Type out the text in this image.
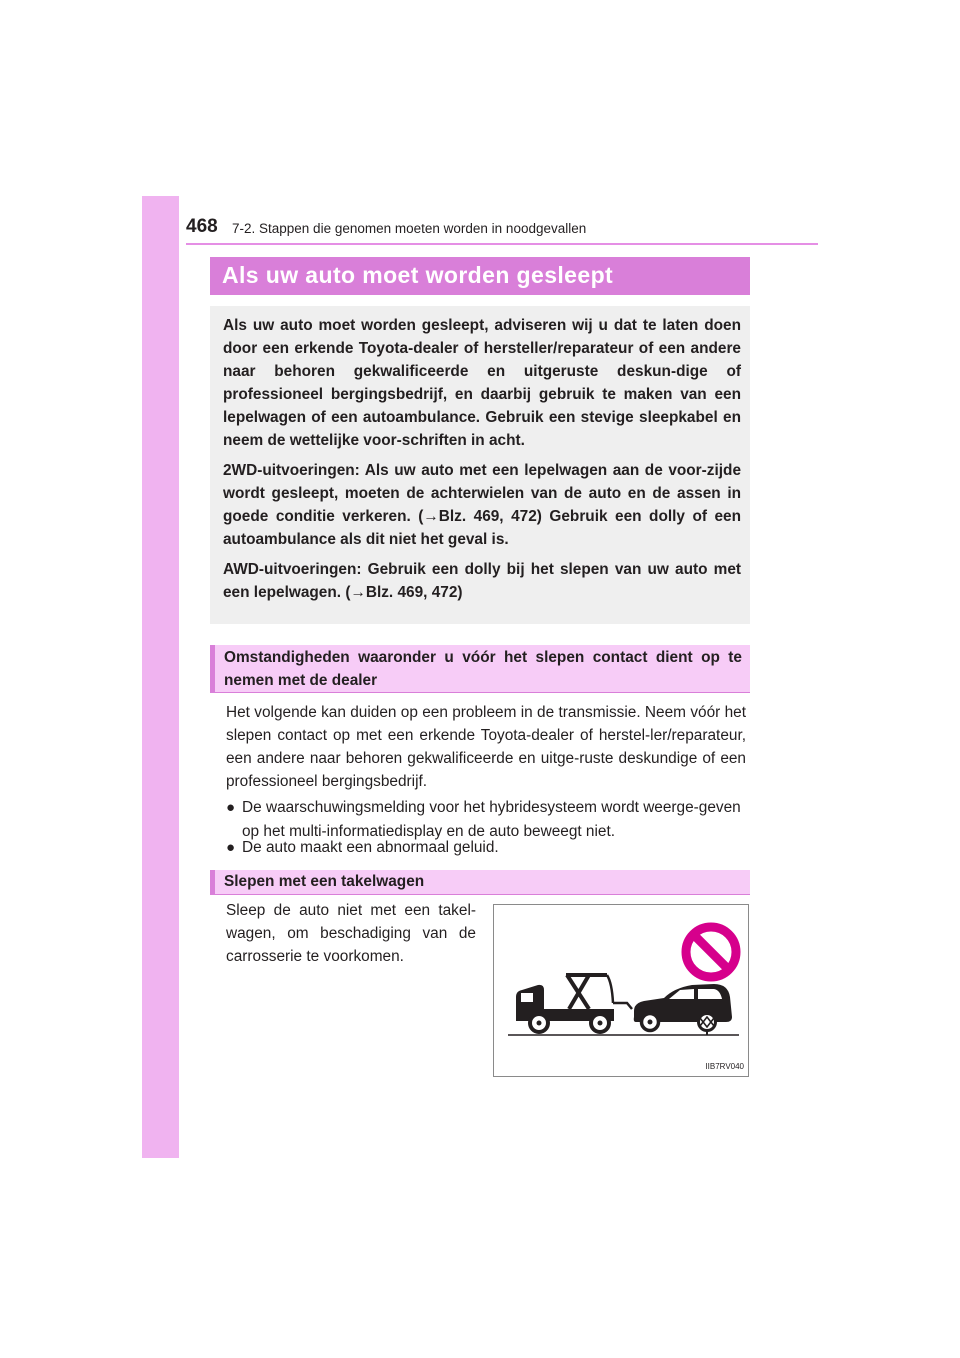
468 7-2. Stappen die genomen moeten worden in noodgevallen
Als uw auto moet worden gesleept

Als uw auto moet worden gesleept, adviseren wij u dat te laten doen door een erkende Toyota-dealer of hersteller/reparateur of een andere naar behoren gekwalificeerde en uitgeruste deskun-dige of professioneel bergingsbedrijf, en daarbij gebruik te maken van een lepelwagen of een autoambulance. Gebruik een stevige sleepkabel en neem de wettelijke voor-schriften in acht.

2WD-uitvoeringen: Als uw auto met een lepelwagen aan de voor-zijde wordt gesleept, moeten de achterwielen van de auto en de assen in goede conditie verkeren. (→Blz. 469, 472) Gebruik een dolly of een autoambulance als dit niet het geval is.

AWD-uitvoeringen: Gebruik een dolly bij het slepen van uw auto met een lepelwagen. (→Blz. 469, 472)

Omstandigheden waaronder u vóór het slepen contact dient op te nemen met de dealer

Het volgende kan duiden op een probleem in de transmissie. Neem vóór het slepen contact op met een erkende Toyota-dealer of herstel-ler/reparateur, een andere naar behoren gekwalificeerde en uitge-ruste deskundige of een professioneel bergingsbedrijf.

● De waarschuwingsmelding voor het hybridesysteem wordt weerge-geven op het multi-informatiedisplay en de auto beweegt niet.
● De auto maakt een abnormaal geluid.
Slepen met een takelwagen

Sleep de auto niet met een takel-wagen, om beschadiging van de carrosserie te voorkomen.

IIB7RV040
